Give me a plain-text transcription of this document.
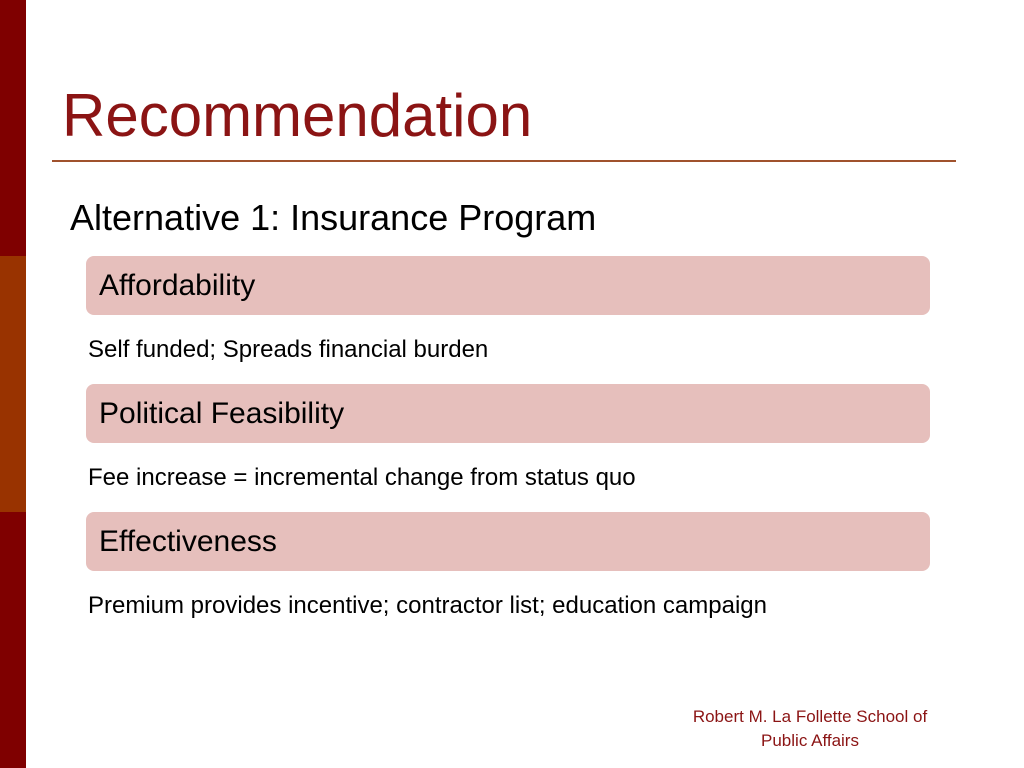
Recommendation
Alternative 1: Insurance Program
Affordability
Self funded; Spreads financial burden
Political Feasibility
Fee increase = incremental change from status quo
Effectiveness
Premium provides incentive; contractor list; education campaign
Robert M. La Follette School of
Public Affairs
